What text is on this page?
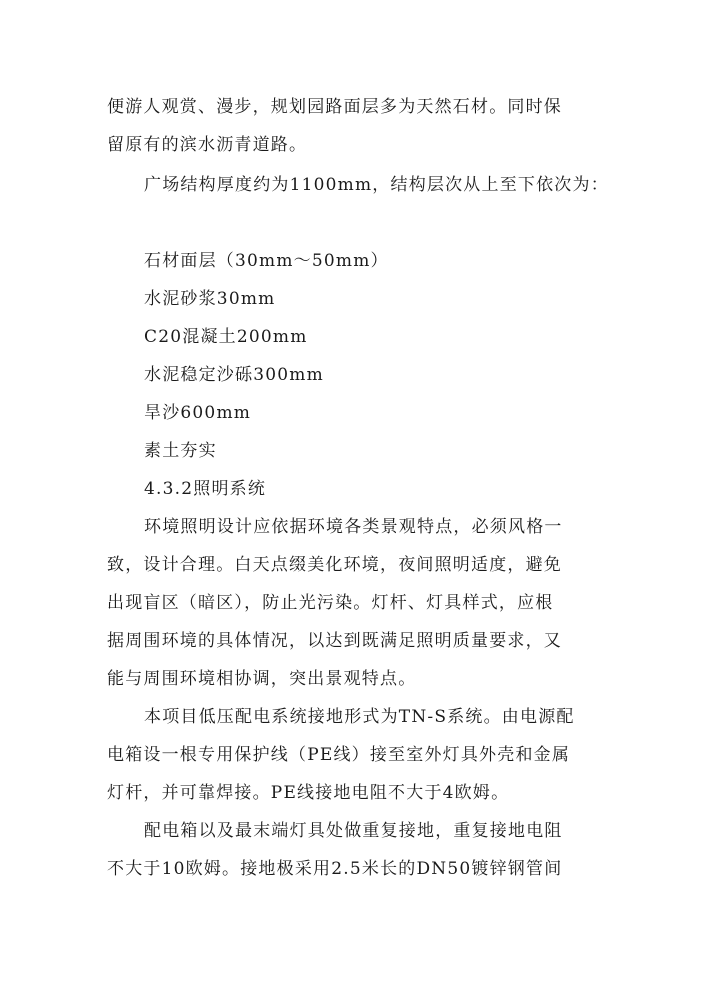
便游人观赏、漫步，规划园路面层多为天然石材。同时保
留原有的滨水沥青道路。
广场结构厚度约为1100mm，结构层次从上至下依次为：
石材面层（30mm～50mm）
水泥砂浆30mm
C20混凝土200mm
水泥稳定沙砾300mm
旱沙600mm
素土夯实
4.3.2照明系统
环境照明设计应依据环境各类景观特点，必须风格一
致，设计合理。白天点缀美化环境，夜间照明适度，避免
出现盲区（暗区），防止光污染。灯杆、灯具样式，应根
据周围环境的具体情况，以达到既满足照明质量要求，又
能与周围环境相协调，突出景观特点。
本项目低压配电系统接地形式为TN-S系统。由电源配
电箱设一根专用保护线（PE线）接至室外灯具外壳和金属
灯杆，并可靠焊接。PE线接地电阻不大于4欧姆。
配电箱以及最末端灯具处做重复接地，重复接地电阻
不大于10欧姆。接地极采用2.5米长的DN50镀锌钢管间
